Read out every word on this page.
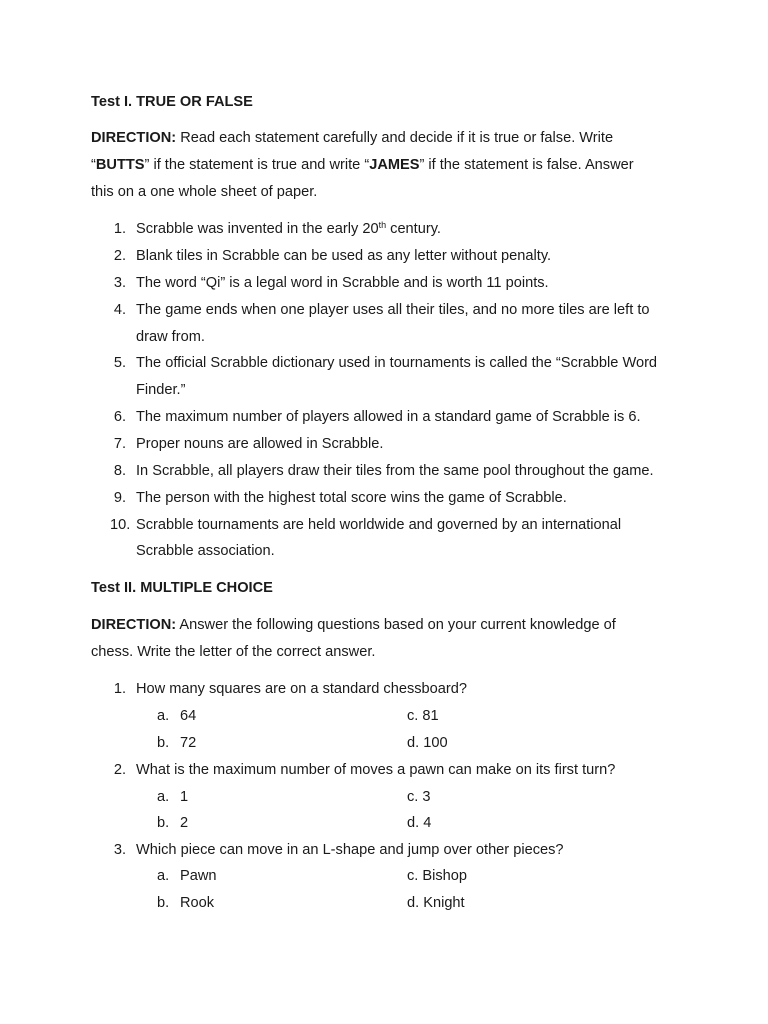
Test I. TRUE OR FALSE
DIRECTION: Read each statement carefully and decide if it is true or false. Write
“BUTTS” if the statement is true and write “JAMES” if the statement is false. Answer
this on a one whole sheet of paper.
1. Scrabble was invented in the early 20th century.
2. Blank tiles in Scrabble can be used as any letter without penalty.
3. The word “Qi” is a legal word in Scrabble and is worth 11 points.
4. The game ends when one player uses all their tiles, and no more tiles are left to
draw from.
5. The official Scrabble dictionary used in tournaments is called the “Scrabble Word
Finder.”
6. The maximum number of players allowed in a standard game of Scrabble is 6.
7. Proper nouns are allowed in Scrabble.
8. In Scrabble, all players draw their tiles from the same pool throughout the game.
9. The person with the highest total score wins the game of Scrabble.
10. Scrabble tournaments are held worldwide and governed by an international
Scrabble association.
Test II. MULTIPLE CHOICE
DIRECTION: Answer the following questions based on your current knowledge of
chess. Write the letter of the correct answer.
1. How many squares are on a standard chessboard?
a. 64	c. 81
b. 72	d. 100
2. What is the maximum number of moves a pawn can make on its first turn?
a. 1	c. 3
b. 2	d. 4
3. Which piece can move in an L-shape and jump over other pieces?
a. Pawn	c. Bishop
b. Rook	d. Knight
